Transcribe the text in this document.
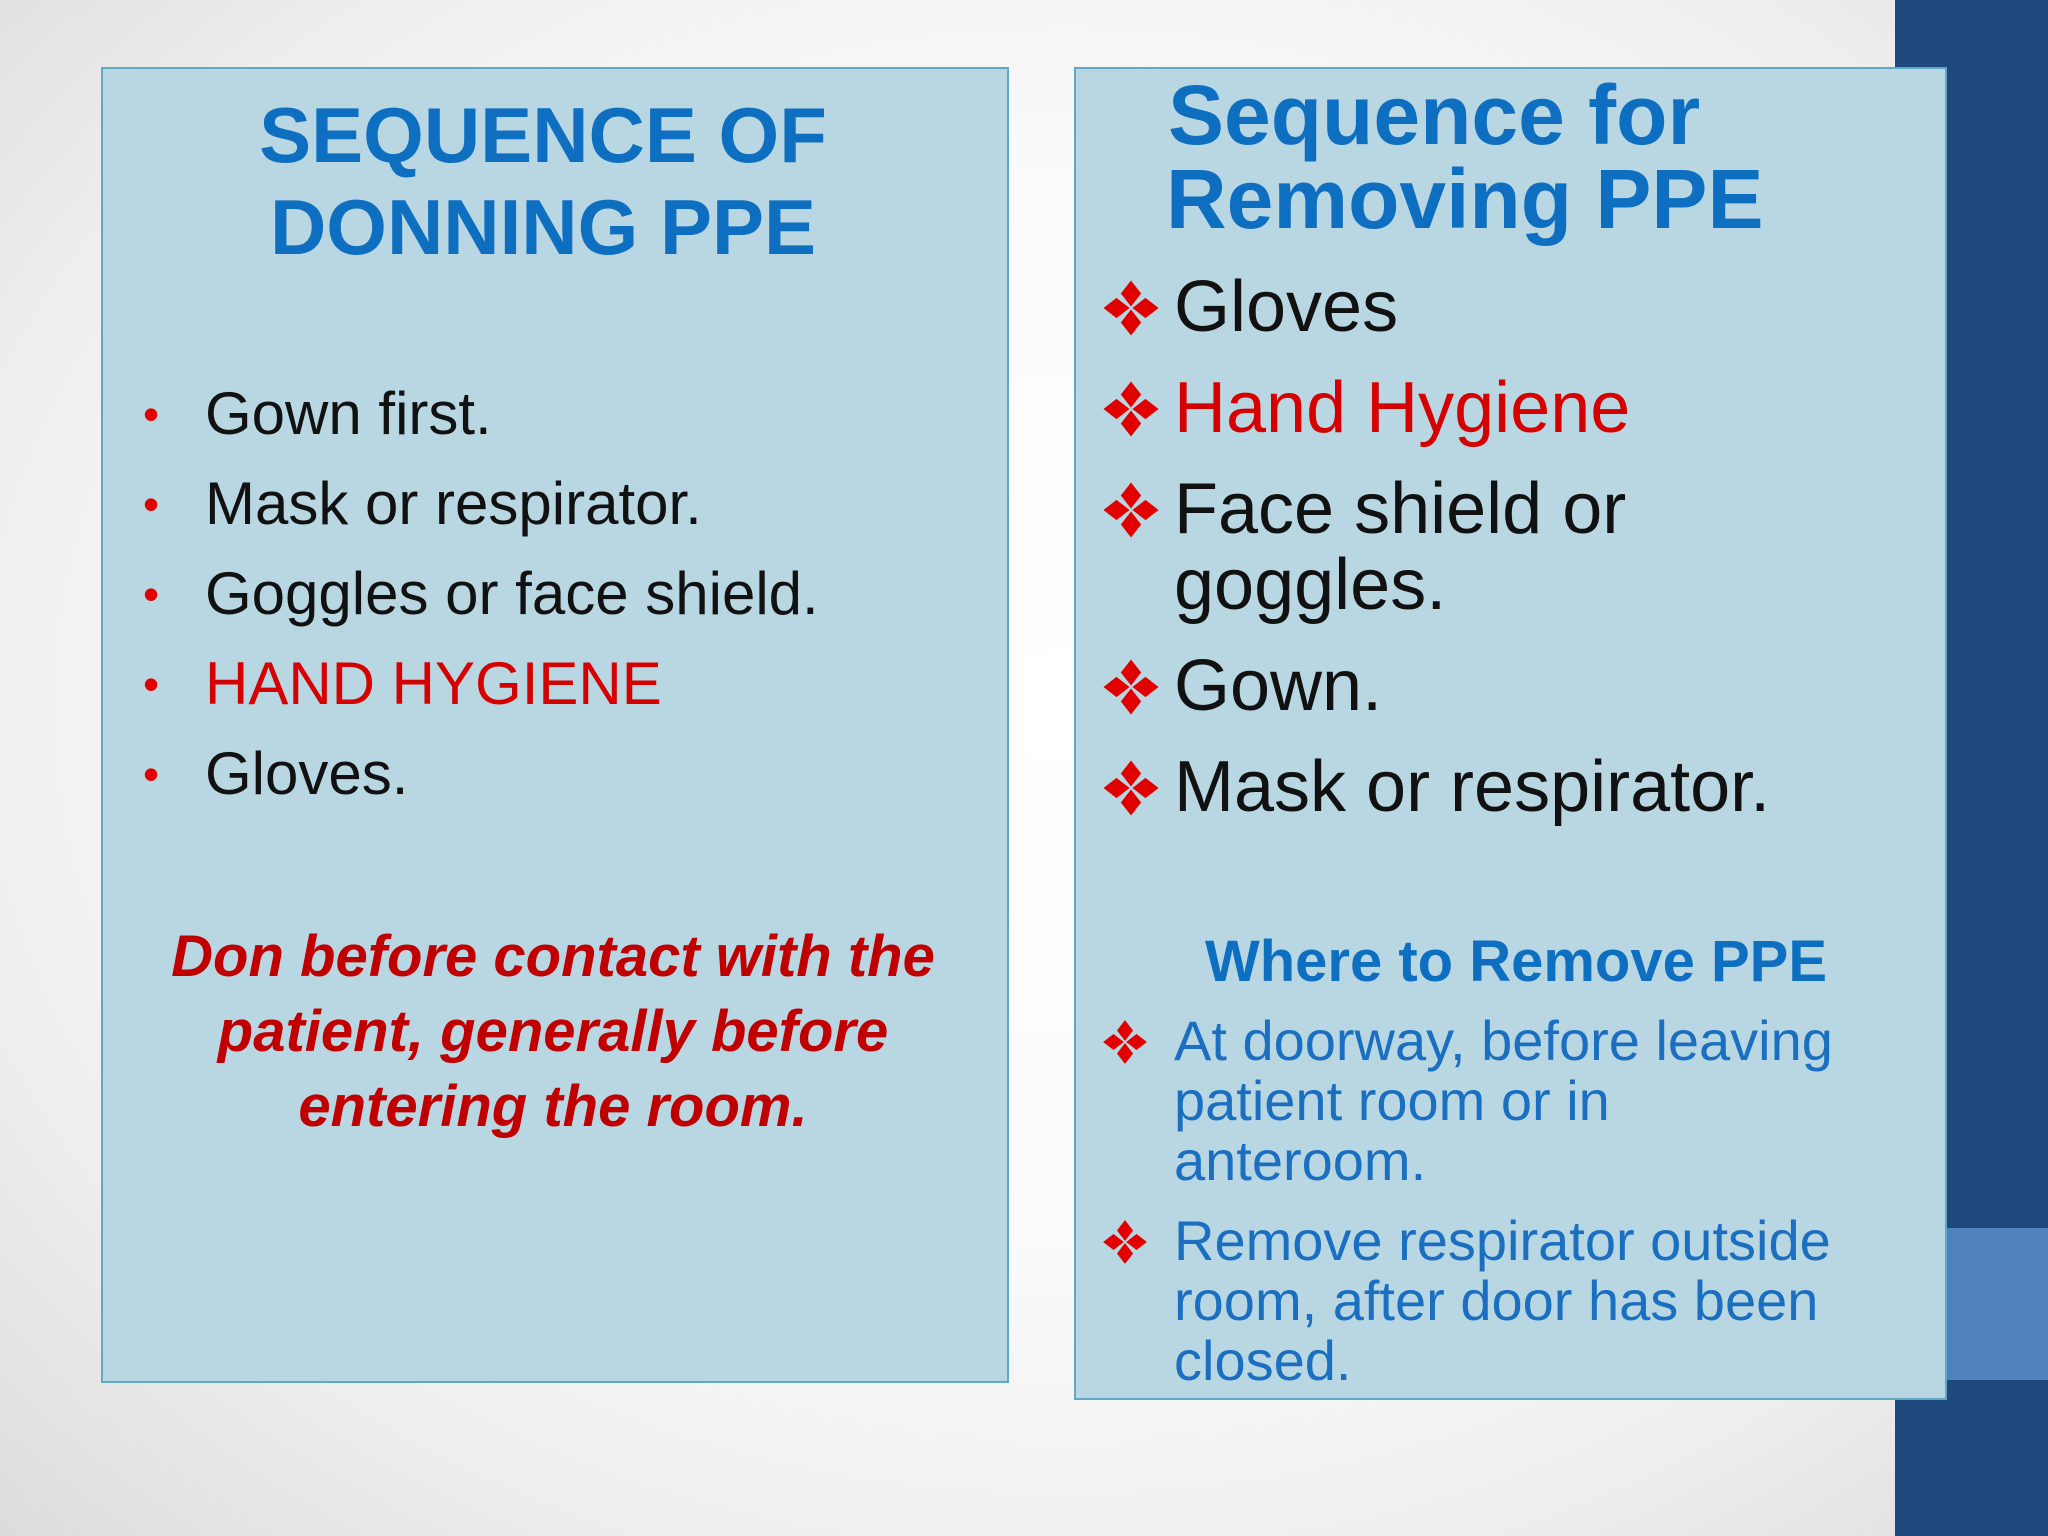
SEQUENCE OF
DONNING PPE
• Gown first.
• Mask or respirator.
• Goggles or face shield.
• HAND HYGIENE
• Gloves.

Don before contact with the
patient, generally before
entering the room.

Sequence for
Removing PPE
Gloves
Hand Hygiene
Face shield or
goggles.
Gown.
Mask or respirator.
Where to Remove PPE
At doorway, before leaving
patient room or in
anteroom.
Remove respirator outside
room, after door has been
closed.
